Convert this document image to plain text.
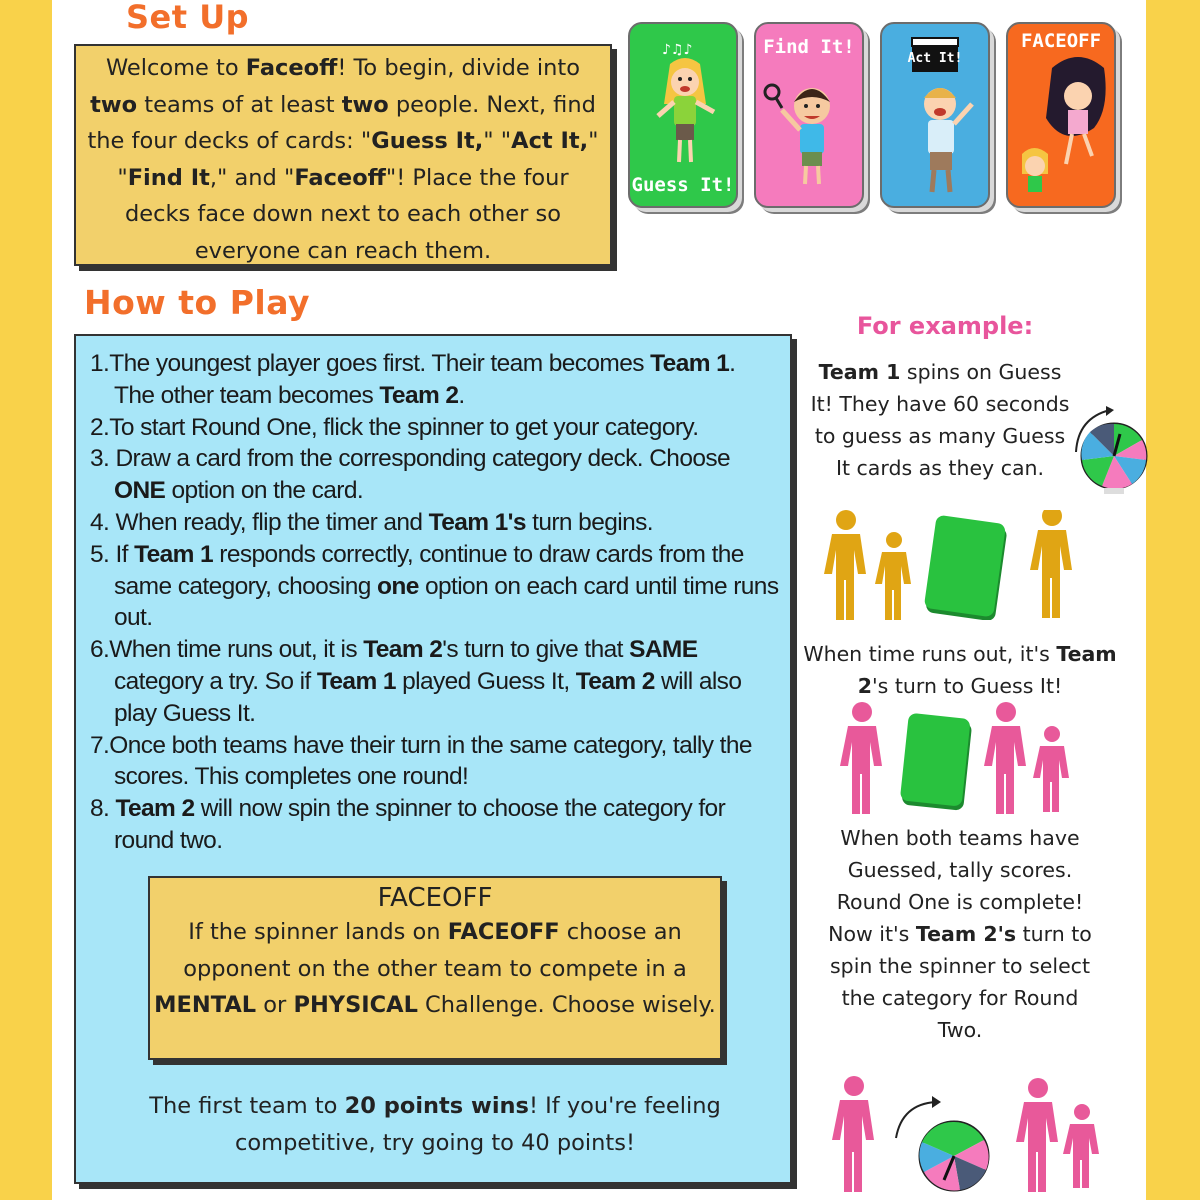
Set Up
Welcome to Faceoff! To begin, divide into two teams of at least two people. Next, find the four decks of cards: "Guess It," "Act It," "Find It," and "Faceoff"! Place the four decks face down next to each other so everyone can reach them.
♪♫♪
Guess It!
Find It!
Act It!
FACEOFF
How to Play
1.The youngest player goes first. Their team becomes Team 1. The other team becomes Team 2.
2.To start Round One, flick the spinner to get your category.
3. Draw a card from the corresponding category deck. Choose ONE option on the card.
4. When ready, flip the timer and Team 1's turn begins.
5. If Team 1 responds correctly, continue to draw cards from the same category, choosing one option on each card until time runs out.
6.When time runs out, it is Team 2's turn to give that SAME category a try. So if Team 1 played Guess It, Team 2 will also play Guess It.
7.Once both teams have their turn in the same category, tally the scores. This completes one round!
8. Team 2 will now spin the spinner to choose the category for round two.
FACEOFF
If the spinner lands on FACEOFF choose an opponent on the other team to compete in a MENTAL or PHYSICAL Challenge. Choose wisely.
The first team to 20 points wins! If you're feeling competitive, try going to 40 points!
For example:
Team 1 spins on Guess It! They have 60 seconds to guess as many Guess It cards as they can.
When time runs out, it's Team 2's turn to Guess It!
When both teams have Guessed, tally scores. Round One is complete! Now it's Team 2's turn to spin the spinner to select the category for Round Two.
